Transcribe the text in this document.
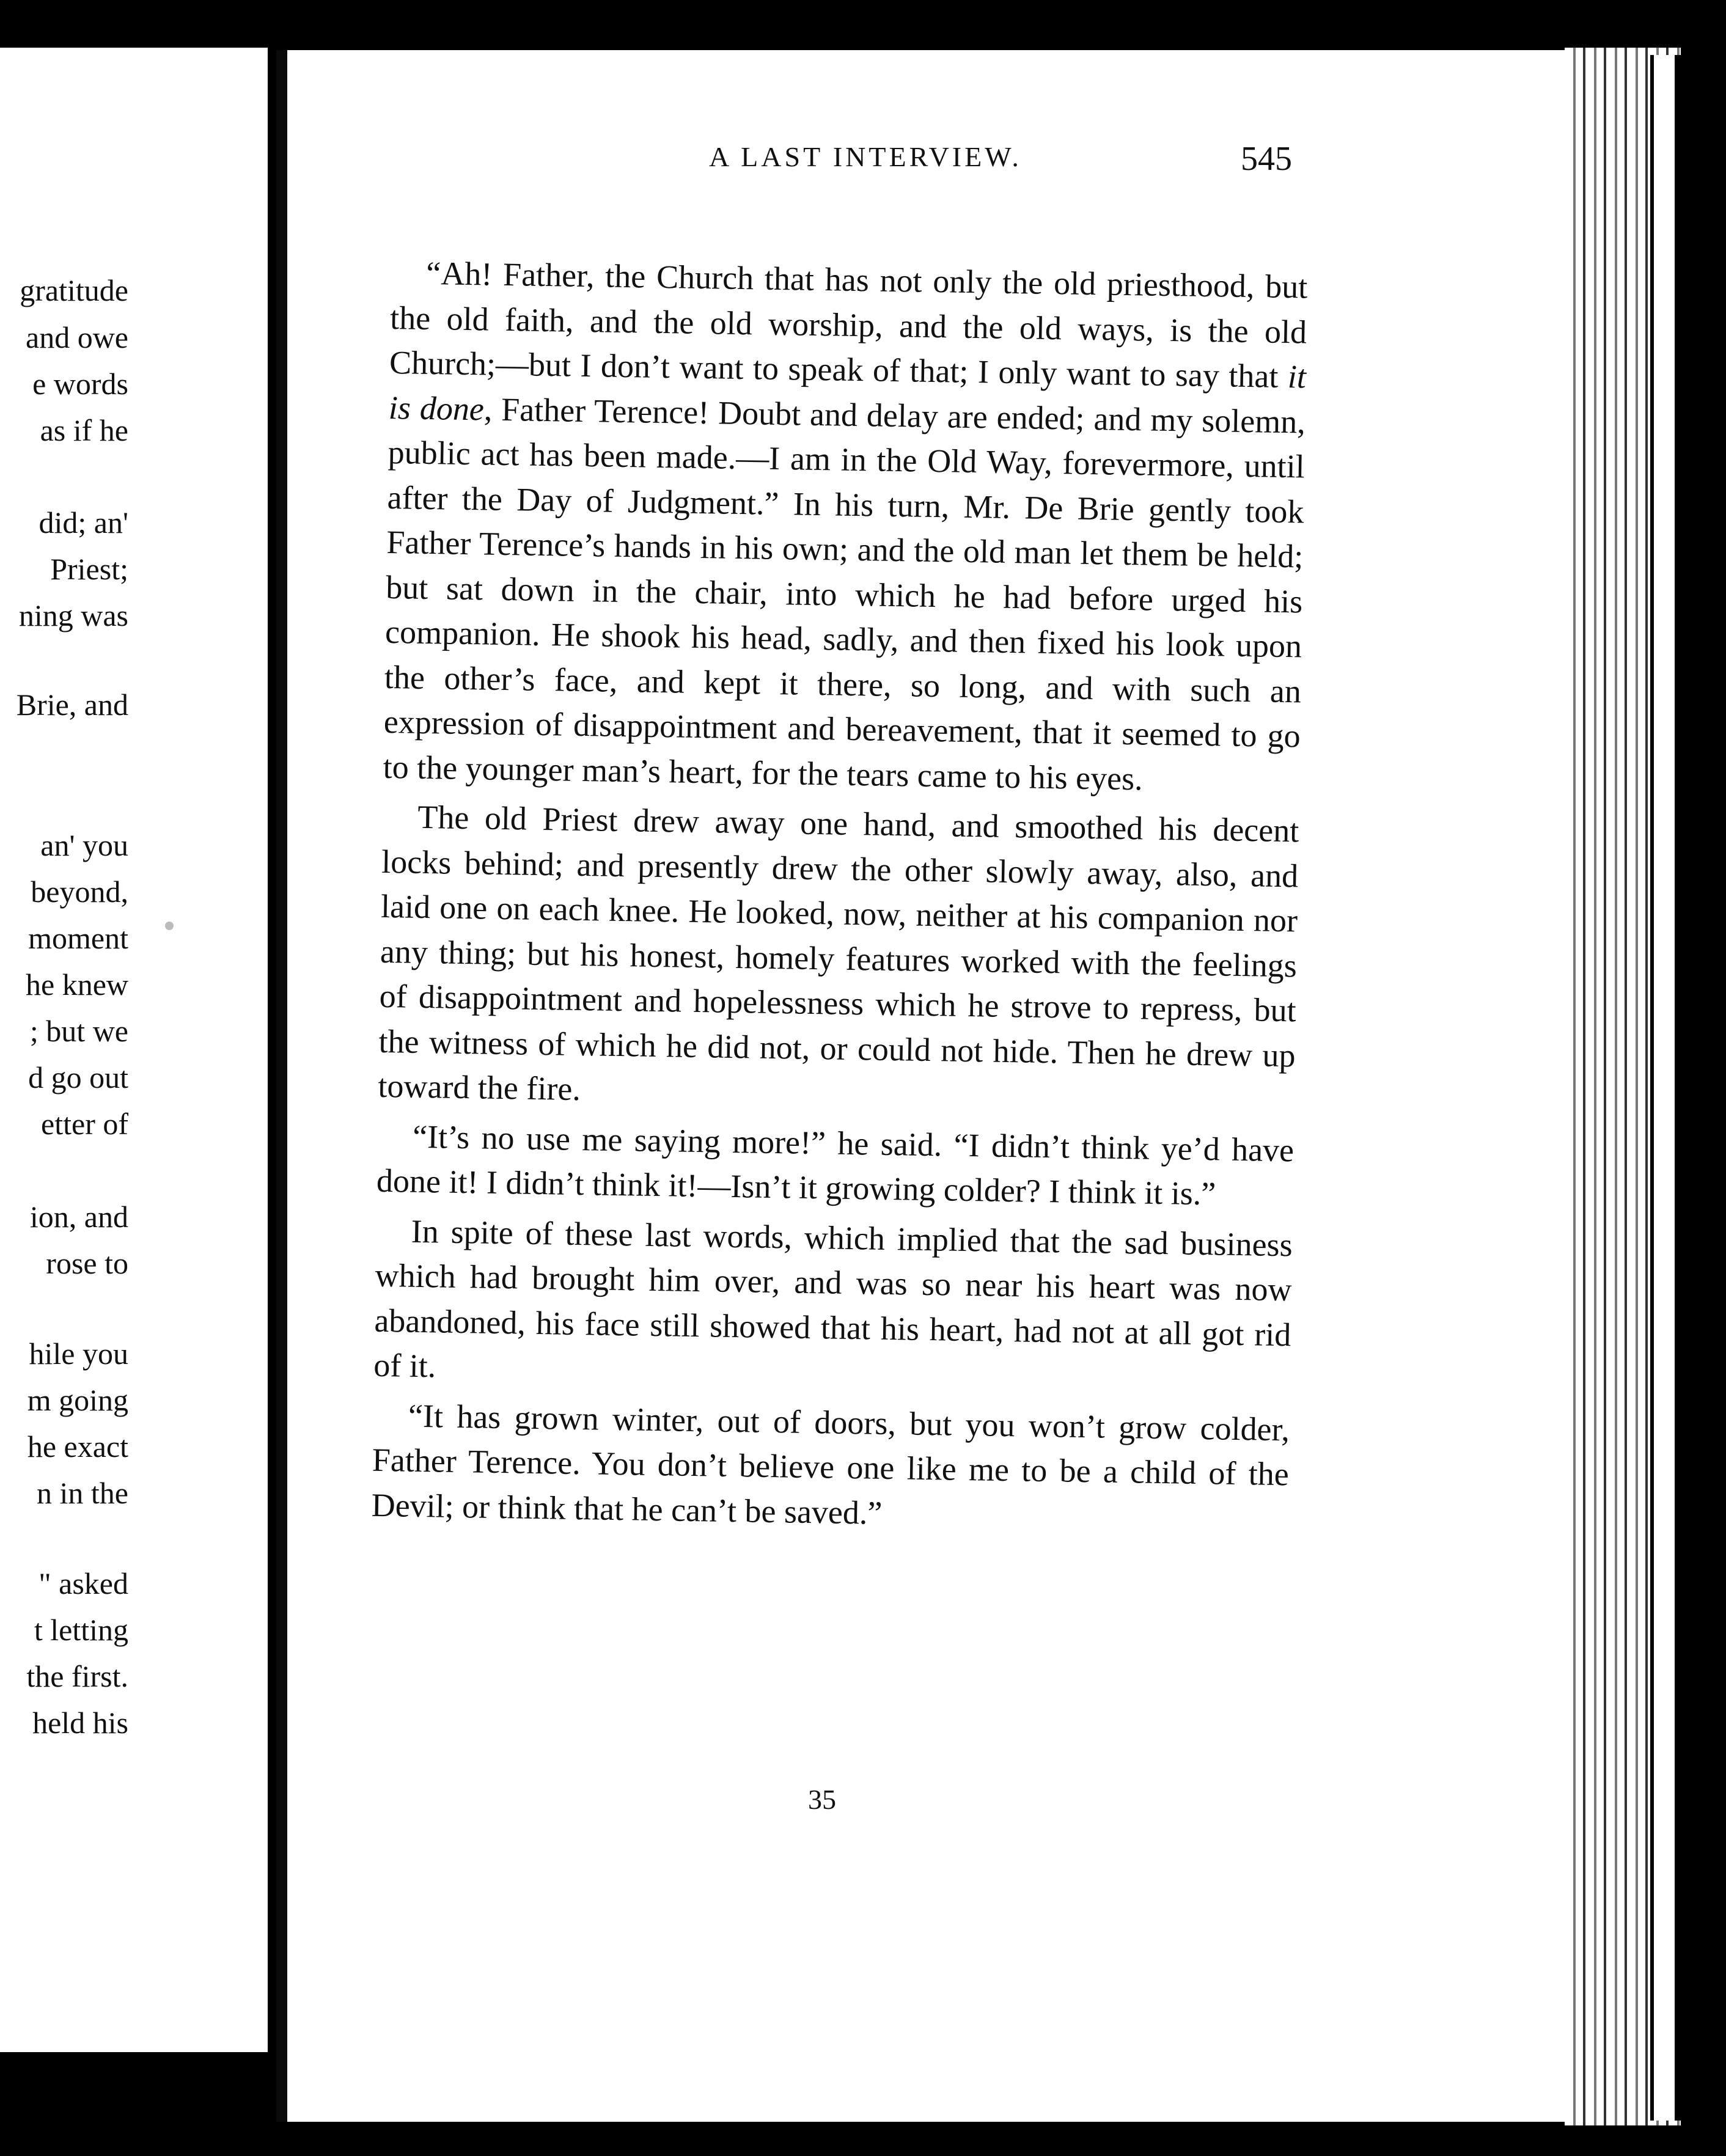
gratitude
and owe
e words
as if he
did; an'
Priest;
ning was
Brie, and
an' you
beyond,
moment
he knew
; but we
d go out
etter of
ion, and
rose to
hile you
m going
he exact
n in the
" asked
t letting
the first.
held his
A LAST INTERVIEW.	545

“Ah! Father, the Church that has not only the old priesthood, but the old faith, and the old worship, and the old ways, is the old Church;—but I don’t want to speak of that; I only want to say that it is done, Father Terence! Doubt and delay are ended; and my solemn, public act has been made.—I am in the Old Way, forevermore, until after the Day of Judgment.” In his turn, Mr. De Brie gently took Father Terence’s hands in his own; and the old man let them be held; but sat down in the chair, into which he had before urged his companion. He shook his head, sadly, and then fixed his look upon the other’s face, and kept it there, so long, and with such an expression of disappointment and bereavement, that it seemed to go to the younger man’s heart, for the tears came to his eyes.

The old Priest drew away one hand, and smoothed his decent locks behind; and presently drew the other slowly away, also, and laid one on each knee. He looked, now, neither at his companion nor any thing; but his honest, homely features worked with the feelings of disappointment and hopelessness which he strove to repress, but the witness of which he did not, or could not hide. Then he drew up toward the fire.

“It’s no use me saying more!” he said. “I didn’t think ye’d have done it! I didn’t think it!—Isn’t it growing colder? I think it is.”

In spite of these last words, which implied that the sad business which had brought him over, and was so near his heart was now abandoned, his face still showed that his heart, had not at all got rid of it.

“It has grown winter, out of doors, but you won’t grow colder, Father Terence. You don’t believe one like me to be a child of the Devil; or think that he can’t be saved.”

35
